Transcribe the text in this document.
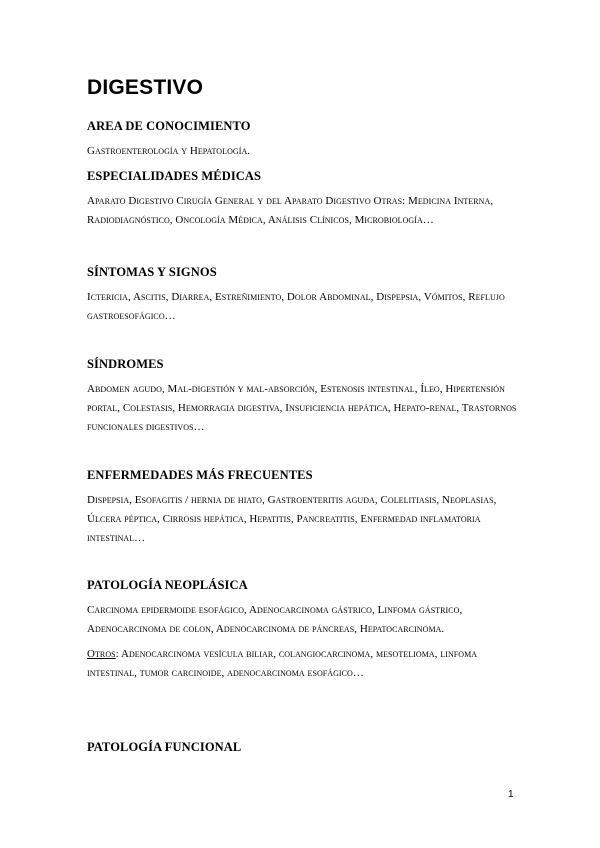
DIGESTIVO
AREA DE CONOCIMIENTO

Gastroenterología y Hepatología.

ESPECIALIDADES MÉDICAS

Aparato Digestivo Cirugía General y del Aparato Digestivo Otras: Medicina Interna, Radiodiagnóstico, Oncología Médica, Análisis Clínicos, Microbiología…

SÍNTOMAS Y SIGNOS

Ictericia, Ascitis, Diarrea, Estreñimiento, Dolor Abdominal, Dispepsia, Vómitos, Reflujo gastroesofágico…

SÍNDROMES

Abdomen agudo, Mal-digestión y mal-absorción, Estenosis intestinal, Íleo, Hipertensión portal, Colestasis, Hemorragia digestiva, Insuficiencia hepática, Hepato-renal, Trastornos funcionales digestivos…

ENFERMEDADES MÁS FRECUENTES

Dispepsia, Esofagitis / hernia de hiato, Gastroenteritis aguda, Colelitiasis, Neoplasias, Úlcera péptica, Cirrosis hepática, Hepatitis, Pancreatitis, Enfermedad inflamatoria intestinal…

PATOLOGÍA NEOPLÁSICA

Carcinoma epidermoide esofágico, Adenocarcinoma gástrico, Linfoma gástrico, Adenocarcinoma de colon, Adenocarcinoma de páncreas, Hepatocarcinoma.

Otros: Adenocarcinoma vesícula biliar, colangiocarcinoma, mesotelioma, linfoma intestinal, tumor carcinoide, adenocarcinoma esofágico…

PATOLOGÍA FUNCIONAL
1
